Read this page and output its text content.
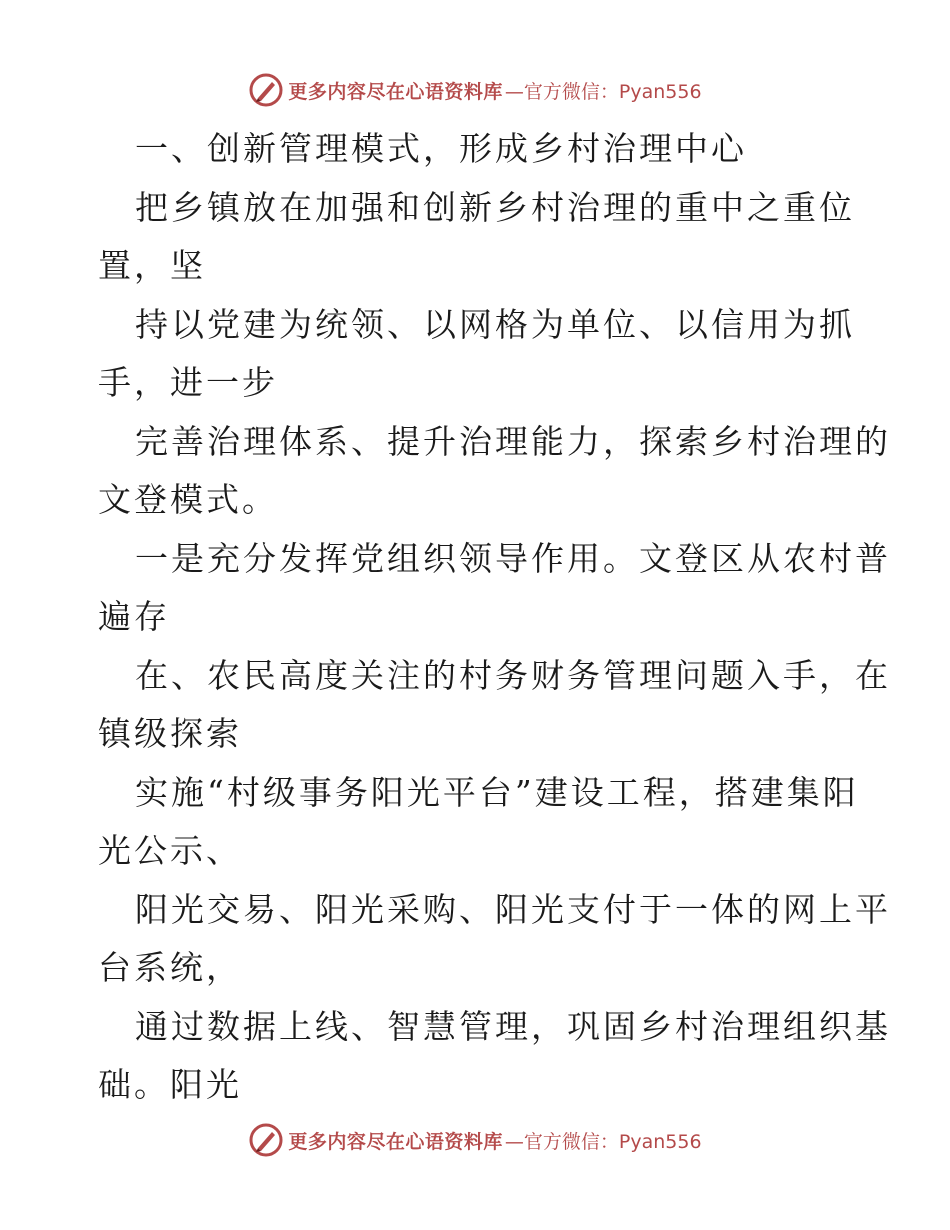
更多内容尽在心语资料库 —官方微信：Pyan556
一、创新管理模式，形成乡村治理中心
把乡镇放在加强和创新乡村治理的重中之重位
置，坚
持以党建为统领、以网格为单位、以信用为抓
手，进一步
完善治理体系、提升治理能力，探索乡村治理的
文登模式。
一是充分发挥党组织领导作用。文登区从农村普
遍存
在、农民高度关注的村务财务管理问题入手，在
镇级探索
实施“村级事务阳光平台”建设工程，搭建集阳
光公示、
阳光交易、阳光采购、阳光支付于一体的网上平
台系统，
通过数据上线、智慧管理，巩固乡村治理组织基
础。阳光
更多内容尽在心语资料库 —官方微信：Pyan556
